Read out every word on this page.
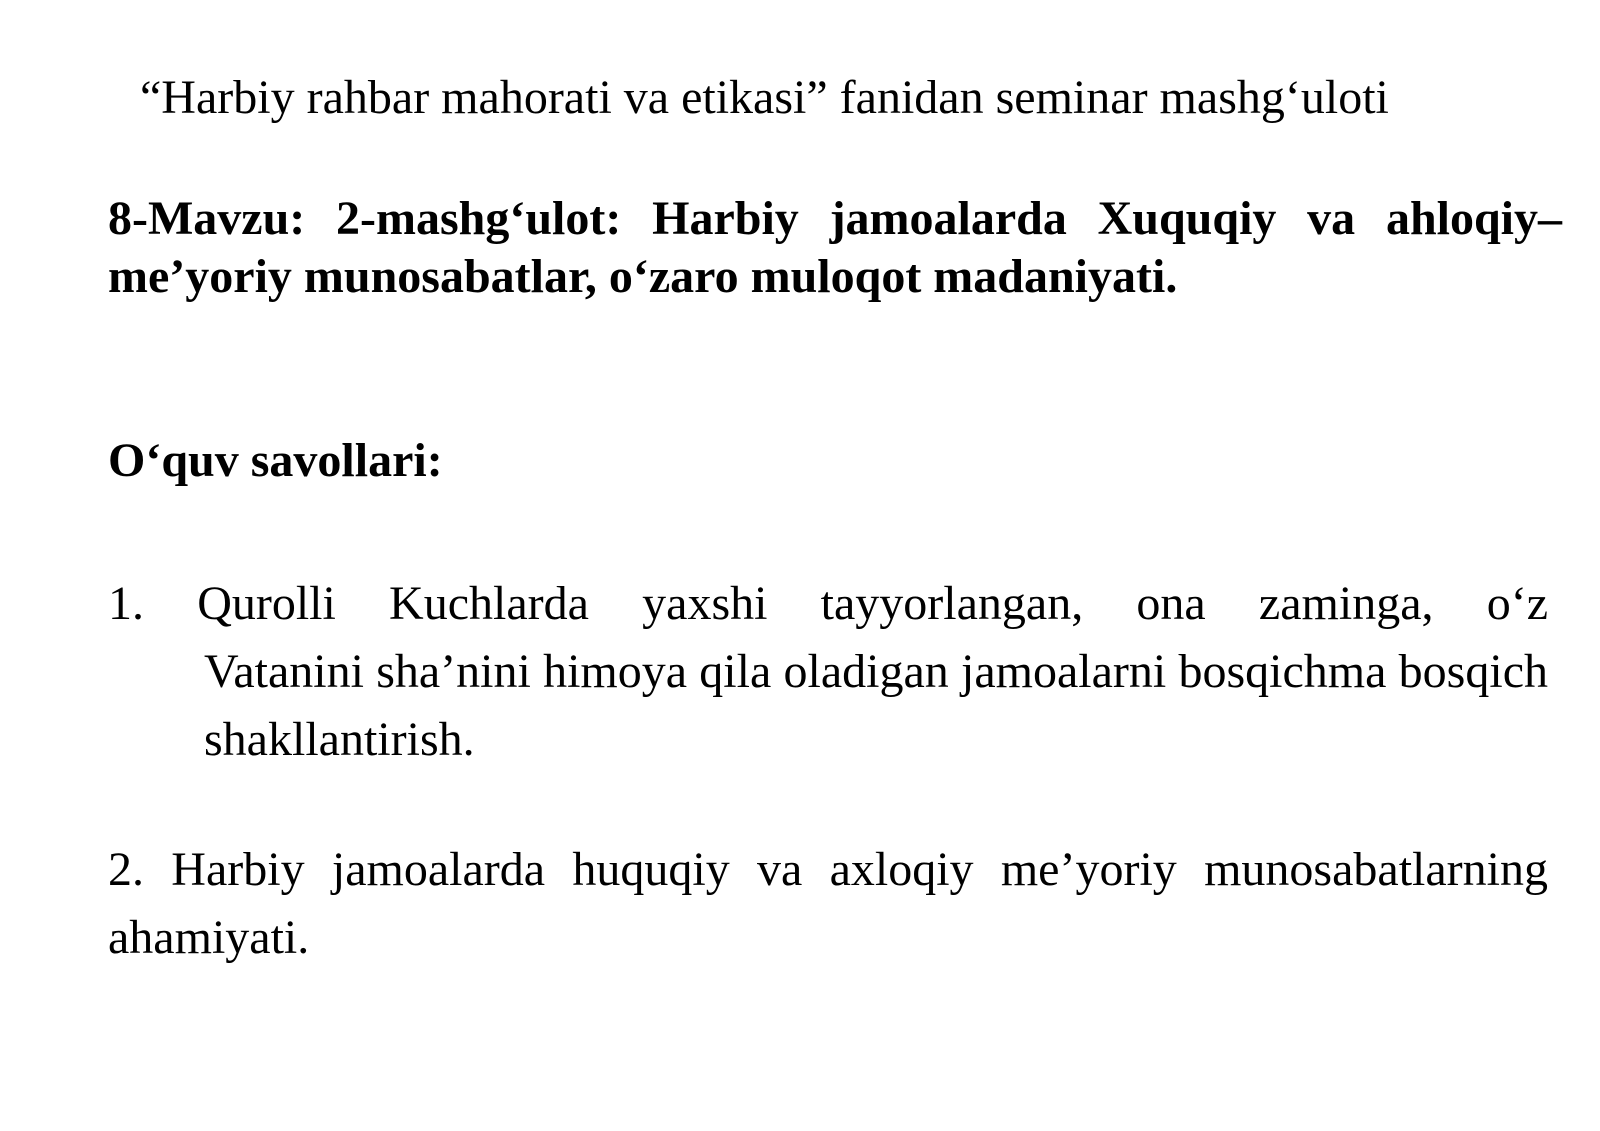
“Harbiy rahbar mahorati va etikasi” fanidan seminar mashg‘uloti
8-Mavzu: 2-mashg‘ulot: Harbiy jamoalarda Xuquqiy va ahloqiy–me’yoriy munosabatlar, o‘zaro muloqot madaniyati.
O‘quv savollari:
1. Qurolli Kuchlarda yaxshi tayyorlangan, ona zaminga, o‘z
Vatanini sha’nini himoya qila oladigan jamoalarni bosqichma bosqich shakllantirish.
2. Harbiy jamoalarda huquqiy va axloqiy me’yoriy munosabatlarning ahamiyati.
